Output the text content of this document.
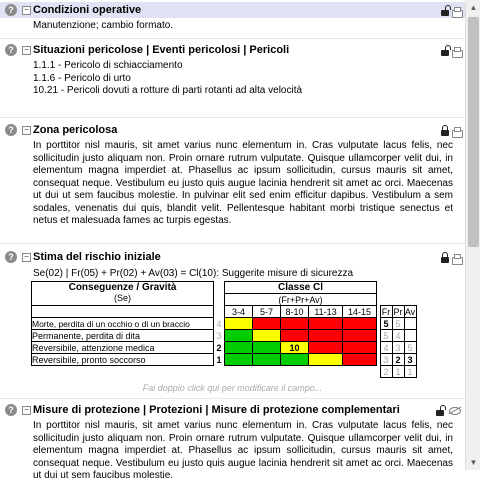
?	− Condizioni operative
Manutenzione; cambio formato.
?	− Situazioni pericolose | Eventi pericolosi | Pericoli
1.1.1 - Pericolo di schiacciamento
1.1.6 - Pericolo di urto
10.21 - Pericoli dovuti a rotture di parti rotanti ad alta velocità
?	− Zona pericolosa
In porttitor nisl mauris, sit amet varius nunc elementum in. Cras vulputate lacus felis, nec sollicitudin justo aliquam non. Proin ornare rutrum vulputate. Quisque ullamcorper velit dui, in elementum magna imperdiet at. Phasellus ac ipsum sollicitudin, cursus mauris sit amet, consequat neque. Vestibulum eu justo quis augue lacinia hendrerit sit amet ac orci. Maecenas ut dui ut sem faucibus molestie. In pulvinar elit sed enim efficitur dapibus. Vestibulum a sem sodales, venenatis dui quis, blandit velit. Pellentesque habitant morbi tristique senectus et netus et malesuada fames ac turpis egestas.
?	− Stima del rischio iniziale
Se(02) | Fr(05) + Pr(02) + Av(03) = Cl(10): Suggerite misure di sicurezza
Conseguenze / Gravità
(Se)		Classe Cl								
		(Fr+Pr+Av)								
		3-4	5-7	8-10	11-13	14-15		Fr	Pr	Av
Morte, perdita di un occhio o di un braccio	4							5	5	
Permanente, perdita di dita	3							5	4	
Reversibile, attenzione medica	2			10				4	3	5
Reversibile, pronto soccorso	1							3	2	3
								2	1	1
Fai doppio click qui per modificare il campo...
?	− Misure di protezione | Protezioni | Misure di protezione complementari
In porttitor nisl mauris, sit amet varius nunc elementum in. Cras vulputate lacus felis, nec sollicitudin justo aliquam non. Proin ornare rutrum vulputate. Quisque ullamcorper velit dui, in elementum magna imperdiet at. Phasellus ac ipsum sollicitudin, cursus mauris sit amet, consequat neque. Vestibulum eu justo quis augue lacinia hendrerit sit amet ac orci. Maecenas ut dui ut sem faucibus molestie.
▲
▼
